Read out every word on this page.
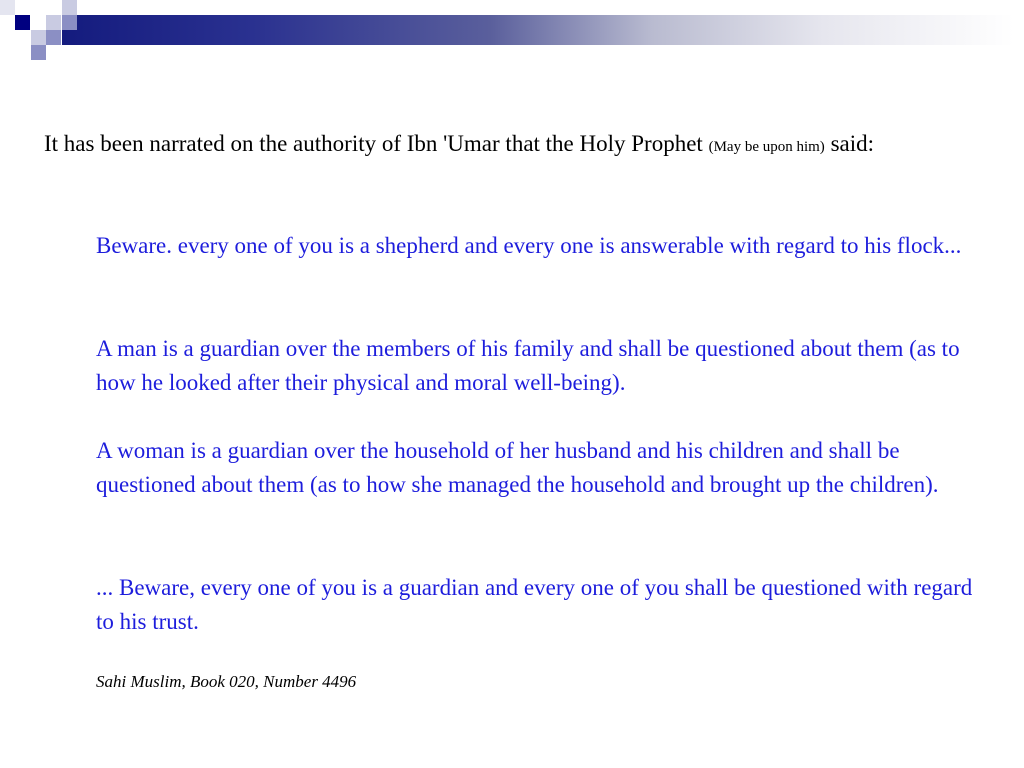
It has been narrated on the authority of Ibn 'Umar that the Holy Prophet (May be upon him) said:

Beware. every one of you is a shepherd and every one is answerable with regard to his flock...

A man is a guardian over the members of his family and shall be questioned about them (as to how he looked after their physical and moral well-being).

A woman is a guardian over the household of her husband and his children and shall be questioned about them (as to how she managed the household and brought up the children).

... Beware, every one of you is a guardian and every one of you shall be questioned with regard to his trust.

Sahi Muslim, Book 020, Number 4496
